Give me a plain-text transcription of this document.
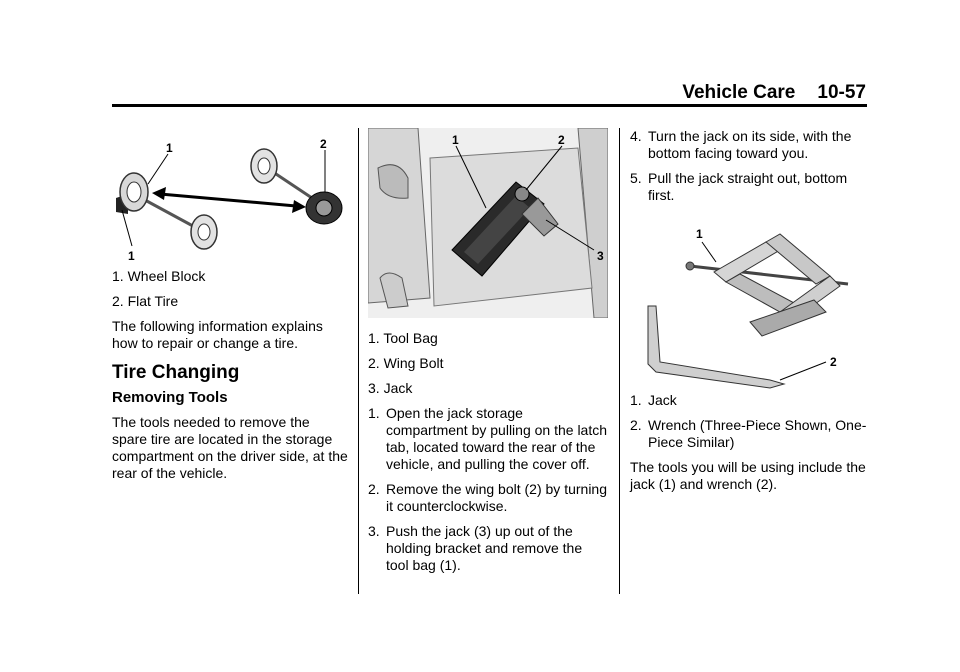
Vehicle Care 10-57
1	2
1

1. Wheel Block

2. Flat Tire

The following information explains how to repair or change a tire.

Tire Changing
Removing Tools

The tools needed to remove the spare tire are located in the storage compartment on the driver side, at the rear of the vehicle.

1	2
3

1. Tool Bag

2. Wing Bolt

3. Jack

1. Open the jack storage compartment by pulling on the latch tab, located toward the rear of the vehicle, and pulling the cover off.
2. Remove the wing bolt (2) by turning it counterclockwise.
3. Push the jack (3) up out of the holding bracket and remove the tool bag (1).
4. Turn the jack on its side, with the bottom facing toward you.
5. Pull the jack straight out, bottom first.
1
2
1. Jack
2. Wrench (Three-Piece Shown, One-Piece Similar)

The tools you will be using include the jack (1) and wrench (2).
